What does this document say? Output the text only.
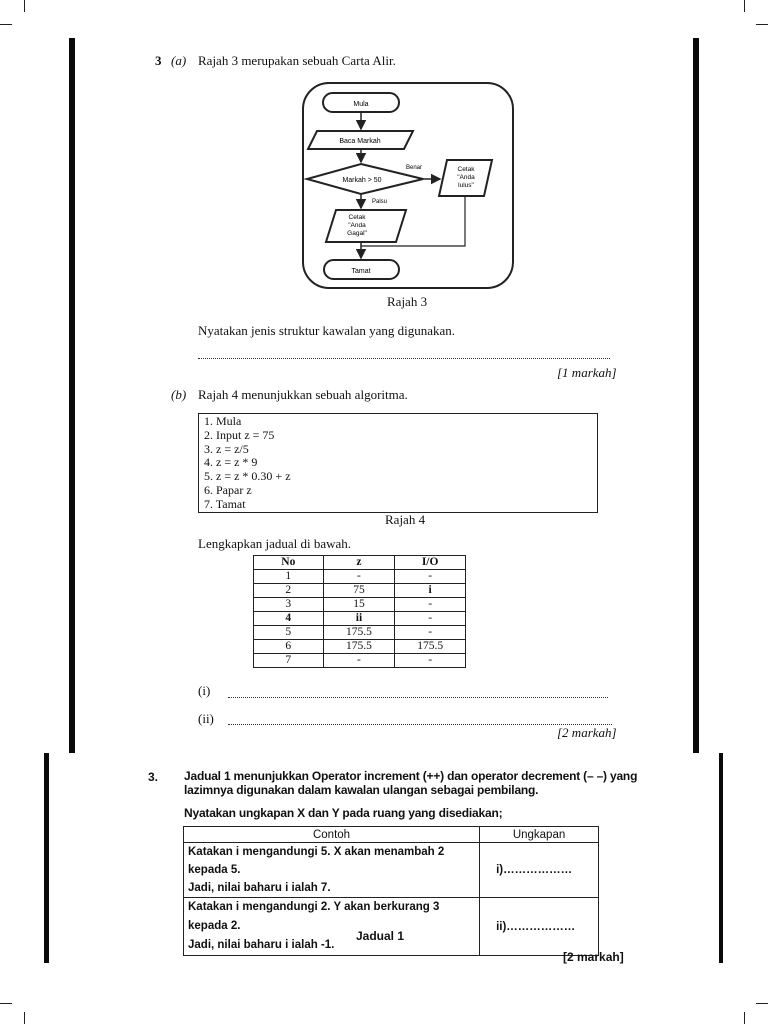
3 (a) Rajah 3 merupakan sebuah Carta Alir.
Mula
Baca Markah
Markah > 50
Benar	Cetak
"Anda
lulus"
Palsu
Cetak
"Anda
Gagal"
Tamat
Rajah 3
Nyatakan jenis struktur kawalan yang digunakan.
[1 markah]
(b) Rajah 4 menunjukkan sebuah algoritma.
1. Mula
2. Input z = 75
3. z = z/5
4. z = z * 9
5. z = z * 0.30 + z
6. Papar z
7. Tamat
Rajah 4
Lengkapkan jadual di bawah.
No	z	I/O
1	-	-
2	75	i
3	15	-
4	ii	-
5	175.5	-
6	175.5	175.5
7	-	-
(i)
(ii)
[2 markah]
3. Jadual 1 menunjukkan Operator increment (++) dan operator decrement (– –) yang
lazimnya digunakan dalam kawalan ulangan sebagai pembilang.
Nyatakan ungkapan X dan Y pada ruang yang disediakan;
Contoh	Ungkapan

Katakan i mengandungi 5. X akan menambah 2 kepada 5.
Jadi, nilai baharu i ialah 7.	i)………………

Katakan i mengandungi 2. Y akan berkurang 3 kepada 2.
Jadi, nilai baharu i ialah -1.	ii)………………
Jadual 1
[2 markah]
